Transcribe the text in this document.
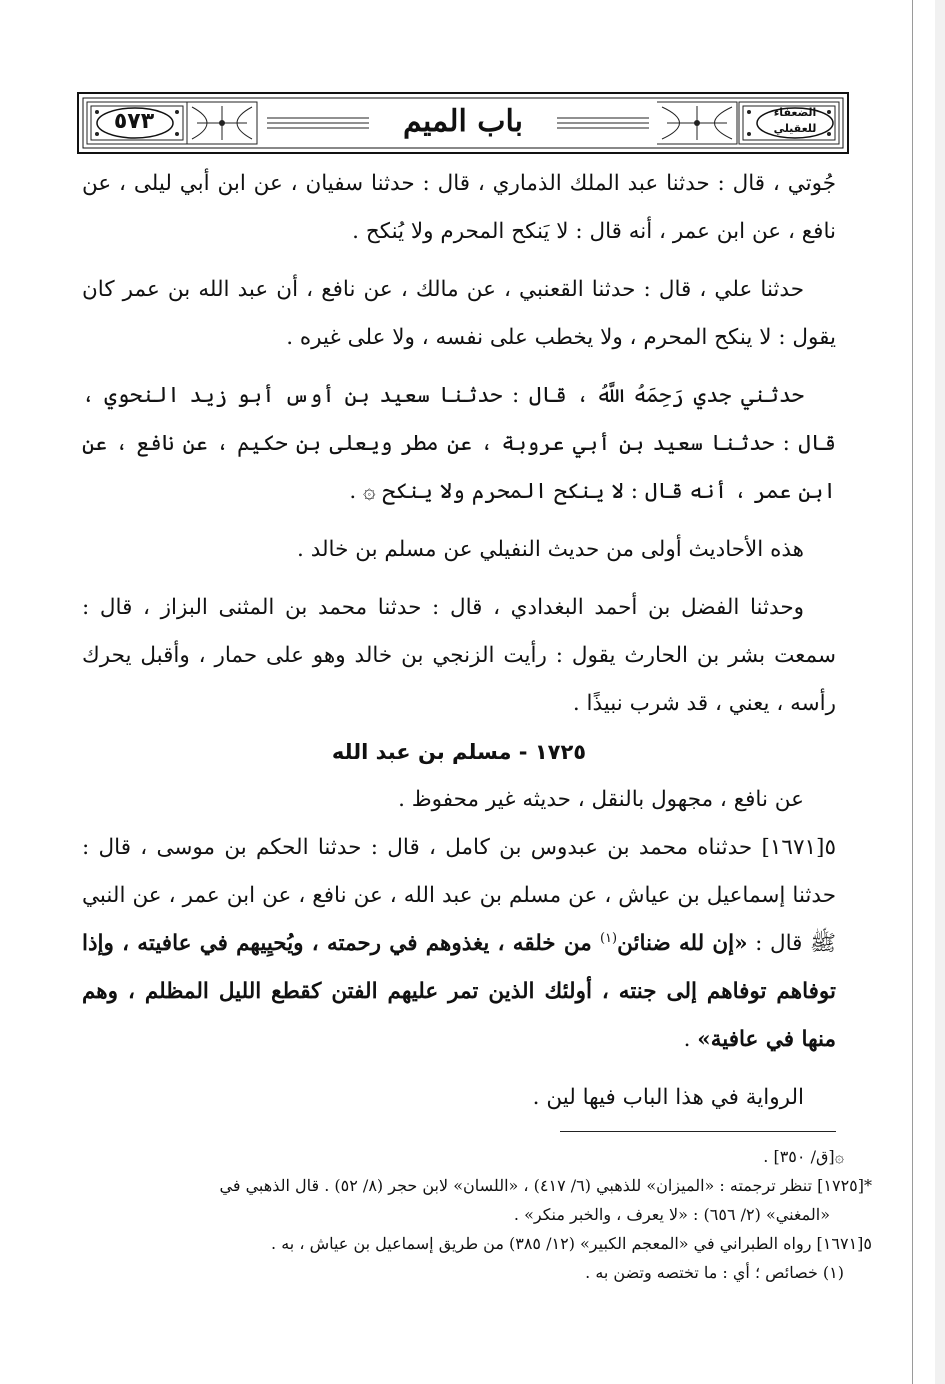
٥٧٣	باب الميم	الضعفاء
للعقيلي

جُوتي ، قال : حدثنا عبد الملك الذماري ، قال : حدثنا سفيان ، عن ابن أبي ليلى ، عن نافع ، عن ابن عمر ، أنه قال : لا يَنكح المحرم ولا يُنكح .

حدثنا علي ، قال : حدثنا القعنبي ، عن مالك ، عن نافع ، أن عبد الله بن عمر كان يقول : لا ينكح المحرم ، ولا يخطب على نفسه ، ولا على غيره .

حدثني جدي رَحِمَهُ اللَّهُ ، قال : حدثنا سعيد بن أوس أبو زيد النحوي ، قال : حدثنا سعيد بن أبي عروبة ، عن مطر ويعلى بن حكيم ، عن نافع ، عن ابن عمر ، أنه قال : لا ينكح المحرم ولا ينكح ۞ .

هذه الأحاديث أولى من حديث النفيلي عن مسلم بن خالد .

وحدثنا الفضل بن أحمد البغدادي ، قال : حدثنا محمد بن المثنى البزاز ، قال : سمعت بشر بن الحارث يقول : رأيت الزنجي بن خالد وهو على حمار ، وأقبل يحرك رأسه ، يعني ، قد شرب نبيذًا .

١٧٢٥ - مسلم بن عبد الله

عن نافع ، مجهول بالنقل ، حديثه غير محفوظ .

٥[١٦٧١] حدثناه محمد بن عبدوس بن كامل ، قال : حدثنا الحكم بن موسى ، قال : حدثنا إسماعيل بن عياش ، عن مسلم بن عبد الله ، عن نافع ، عن ابن عمر ، عن النبي ﷺ قال : «إن لله ضنائن$^{(١)}$ من خلقه ، يغذوهم في رحمته ، ويُحيِيهم في عافيته ، وإذا توفاهم توفاهم إلى جنته ، أولئك الذين تمر عليهم الفتن كقطع الليل المظلم ، وهم منها في عافية» .

الرواية في هذا الباب فيها لين .

۞[ق/ ٣٥٠] .

*[١٧٢٥] تنظر ترجمته : «الميزان» للذهبي (٦/ ٤١٧) ، «اللسان» لابن حجر (٨/ ٥٢) . قال الذهبي في

«المغني» (٢/ ٦٥٦) : «لا يعرف ، والخبر منكر» .

٥[١٦٧١] رواه الطبراني في «المعجم الكبير» (١٢/ ٣٨٥) من طريق إسماعيل بن عياش ، به .

(١) خصائص ؛ أي : ما تختصه وتضن به .
